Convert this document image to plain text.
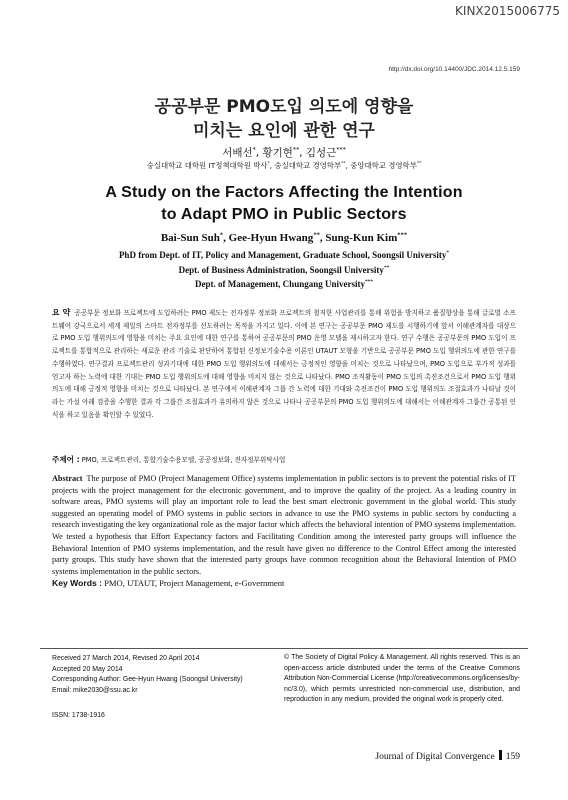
KINX2015006775
http://dx.doi.org/10.14400/JDC.2014.12.5.159
공공부문 PMO도입 의도에 영향을
미치는 요인에 관한 연구
서배선*, 황기현**, 김성근***
숭실대학교 대학원 IT정책대학원 박사*, 숭실대학교 경영학부**, 중앙대학교 경영학부**
A Study on the Factors Affecting the Intention
to Adapt PMO in Public Sectors
Bai-Sun Suh*, Gee-Hyun Hwang**, Sung-Kun Kim***
PhD from Dept. of IT, Policy and Management, Graduate School, Soongsil University*
Dept. of Business Administration, Soongsil University**
Dept. of Management, Chungang University***
요 약 공공부문 정보화 프로젝트에 도입하려는 PMO 제도는 전자정부 정보화 프로젝트의 철저한 사업관리를 통해 위험을 방지하고 품질향상을 통해 글로벌 소프트웨어 강국으로서 세계 제일의 스마트 전자정부를 선도하려는 목적을 가지고 있다. 이에 본 연구는 공공부문 PMO 제도를 시행하기에 앞서 이해관계자를 대상으로 PMO 도입 행위의도에 영향을 미치는 주요 요인에 대한 연구를 통하여 공공부문의 PMO 운영 모델을 제시하고자 한다. 연구 수행은 공공부문의 PMO 도입이 프로젝트를 통합적으로 관리하는 새로운 관리 기술로 판단하여 통합된 신정보기술수용 이론인 UTAUT 모형을 기반으로 공공부문 PMO 도입 행위의도에 관한 연구를 수행하였다. 연구결과 프로젝트관리 성과기대에 대한 PMO 도입 행위의도에 대해서는 긍정적인 영향을 미치는 것으로 나타났으며, PMO 도입으로 부가적 성과를 얻고자 하는 노력에 대한 기대는 PMO 도입 행위의도에 대해 영향을 미치지 않는 것으로 나타났다. PMO 조직활동이 PMO 도입의 촉진조건으로서 PMO 도입 행위의도에 대해 긍정적 영향을 미치는 것으로 나타났다. 본 연구에서 이해관계자 그룹 간 노력에 대한 기대와 촉진조건이 PMO 도입 행위의도 조절효과가 나타날 것이라는 가설 아래 검증을 수행한 결과 각 그룹간 조절효과가 유의하지 않은 것으로 나타나 공공부문의 PMO 도입 행위의도에 대해서는 이해관계자 그룹간 공통된 인식을 하고 있음을 확인할 수 있었다.
주제어 : PMO, 프로젝트관리, 통합기술수용모델, 공공정보화, 전자정부위탁사업
Abstract The purpose of PMO (Project Management Office) systems implementation in public sectors is to prevent the potential risks of IT projects with the project management for the electronic government, and to improve the quality of the project. As a leading country in software areas, PMO systems will play an important role to lead the best smart electronic government in the global world. This study suggested an operating model of PMO systems in public sectors in advance to use the PMO systems in public sectors by conducting a research investigating the key organizational role as the major factor which affects the behavioral intention of PMO systems implementation. We tested a hypothesis that Effort Expectancy factors and Facilitating Condition among the interested party groups will influence the Behavioral Intention of PMO systems implementation, and the result have given no difference to the Control Effect among the interested party groups. This study have shown that the interested party groups have common recognition about the Behavioral Intention of PMO systems implementation in the public sectors.
Key Words : PMO, UTAUT, Project Management, e-Government
Received 27 March 2014, Revised 20 April 2014
Accepted 20 May 2014
Corresponding Author: Gee-Hyun Hwang (Soongsil University)
Email: mike2030@ssu.ac.kr
© The Society of Digital Policy & Management. All rights reserved. This is an open-access article distributed under the terms of the Creative Commons Attribution Non-Commercial License (http://creativecommons.org/licenses/by-nc/3.0), which permits unrestricted non-commercial use, distribution, and reproduction in any medium, provided the original work is properly cited.
ISSN: 1738-1916
Journal of Digital Convergence 159
